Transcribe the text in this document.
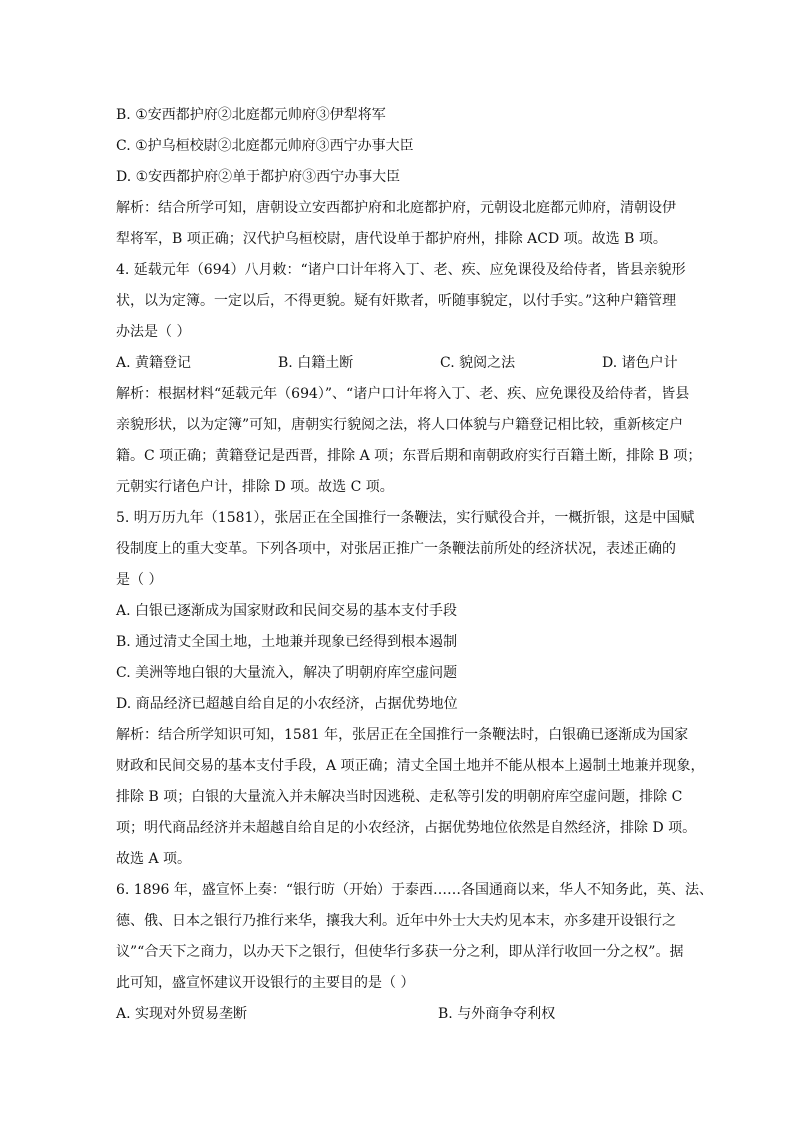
B. ①安西都护府②北庭都元帅府③伊犁将军
C. ①护乌桓校尉②北庭都元帅府③西宁办事大臣
D. ①安西都护府②单于都护府③西宁办事大臣
解析：结合所学可知，唐朝设立安西都护府和北庭都护府，元朝设北庭都元帅府，清朝设伊
犁将军，B 项正确；汉代护乌桓校尉，唐代设单于都护府州，排除 ACD 项。故选 B 项。
4. 延载元年（694）八月敕：“诸户口计年将入丁、老、疾、应免课役及给侍者，皆县亲貌形
状，以为定簿。一定以后，不得更貌。疑有奸欺者，听随事貌定，以付手实。”这种户籍管理
办法是（ ）
A. 黄籍登记	B. 白籍土断	C. 貌阅之法	D. 诸色户计
解析：根据材料“延载元年（694）”、“诸户口计年将入丁、老、疾、应免课役及给侍者，皆县
亲貌形状，以为定簿”可知，唐朝实行貌阅之法，将人口体貌与户籍登记相比较，重新核定户
籍。C 项正确；黄籍登记是西晋，排除 A 项；东晋后期和南朝政府实行百籍土断，排除 B 项；
元朝实行诸色户计，排除 D 项。故选 C 项。
5. 明万历九年（1581），张居正在全国推行一条鞭法，实行赋役合并，一概折银，这是中国赋
役制度上的重大变革。下列各项中，对张居正推广一条鞭法前所处的经济状况，表述正确的
是（ ）
A. 白银已逐渐成为国家财政和民间交易的基本支付手段
B. 通过清丈全国土地，土地兼并现象已经得到根本遏制
C. 美洲等地白银的大量流入，解决了明朝府库空虚问题
D. 商品经济已超越自给自足的小农经济，占据优势地位
解析：结合所学知识可知，1581 年，张居正在全国推行一条鞭法时，白银确已逐渐成为国家
财政和民间交易的基本支付手段，A 项正确；清丈全国土地并不能从根本上遏制土地兼并现象，
排除 B 项；白银的大量流入并未解决当时因逃税、走私等引发的明朝府库空虚问题，排除 C
项；明代商品经济并未超越自给自足的小农经济，占据优势地位依然是自然经济，排除 D 项。
故选 A 项。
6. 1896 年，盛宣怀上奏：“银行昉（开始）于泰西……各国通商以来，华人不知务此，英、法、
德、俄、日本之银行乃推行来华，攘我大利。近年中外士大夫灼见本末，亦多建开设银行之
议”“合天下之商力，以办天下之银行，但使华行多获一分之利，即从洋行收回一分之权”。据
此可知，盛宣怀建议开设银行的主要目的是（ ）
A. 实现对外贸易垄断	B. 与外商争夺利权
